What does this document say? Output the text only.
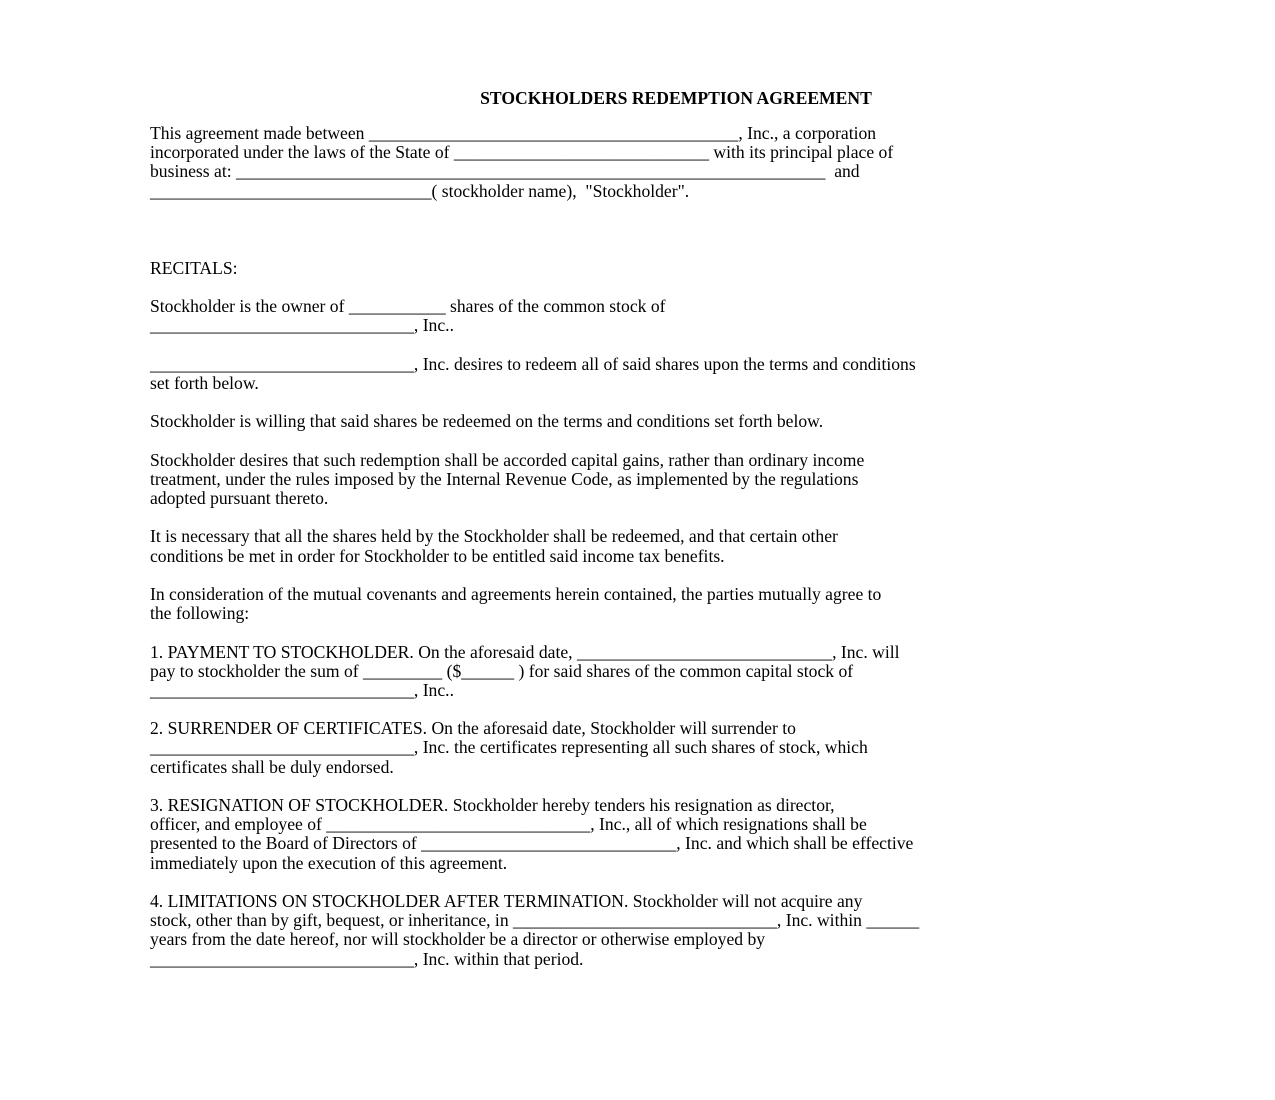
STOCKHOLDERS REDEMPTION AGREEMENT
This agreement made between __________________________________________, Inc., a corporation
incorporated under the laws of the State of _____________________________ with its principal place of
business at: ___________________________________________________________________  and
________________________________( stockholder name),  "Stockholder".
RECITALS:
Stockholder is the owner of ___________ shares of the common stock of
______________________________, Inc..
______________________________, Inc. desires to redeem all of said shares upon the terms and conditions
set forth below.
Stockholder is willing that said shares be redeemed on the terms and conditions set forth below.
Stockholder desires that such redemption shall be accorded capital gains, rather than ordinary income
treatment, under the rules imposed by the Internal Revenue Code, as implemented by the regulations
adopted pursuant thereto.
It is necessary that all the shares held by the Stockholder shall be redeemed, and that certain other
conditions be met in order for Stockholder to be entitled said income tax benefits.
In consideration of the mutual covenants and agreements herein contained, the parties mutually agree to
the following:
1. PAYMENT TO STOCKHOLDER. On the aforesaid date, _____________________________, Inc. will
pay to stockholder the sum of _________ ($______ ) for said shares of the common capital stock of
______________________________, Inc..
2. SURRENDER OF CERTIFICATES. On the aforesaid date, Stockholder will surrender to
______________________________, Inc. the certificates representing all such shares of stock, which
certificates shall be duly endorsed.
3. RESIGNATION OF STOCKHOLDER. Stockholder hereby tenders his resignation as director,
officer, and employee of ______________________________, Inc., all of which resignations shall be
presented to the Board of Directors of _____________________________, Inc. and which shall be effective
immediately upon the execution of this agreement.
4. LIMITATIONS ON STOCKHOLDER AFTER TERMINATION. Stockholder will not acquire any
stock, other than by gift, bequest, or inheritance, in ______________________________, Inc. within ______
years from the date hereof, nor will stockholder be a director or otherwise employed by
______________________________, Inc. within that period.
